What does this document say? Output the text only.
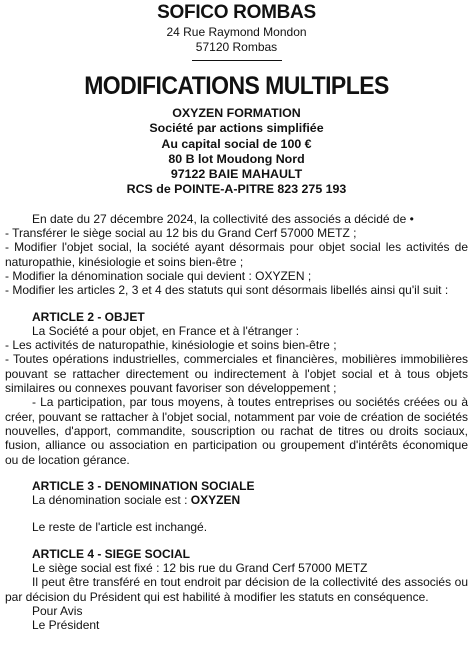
SOFICO ROMBAS
24 Rue Raymond Mondon
57120 Rombas
MODIFICATIONS MULTIPLES
OXYZEN FORMATION
Société par actions simplifiée
Au capital social de 100 €
80 B lot Moudong Nord
97122 BAIE MAHAULT
RCS de POINTE-A-PITRE 823 275 193

En date du 27 décembre 2024, la collectivité des associés a décidé de •

- Transférer le siège social au 12 bis du Grand Cerf 57000 METZ ;

- Modifier l'objet social, la société ayant désormais pour objet social les activités de naturopathie, kinésiologie et soins bien-être ;

- Modifier la dénomination sociale qui devient : OXYZEN ;

- Modifier les articles 2, 3 et 4 des statuts qui sont désormais libellés ainsi qu'il suit :

ARTICLE 2 - OBJET

La Société a pour objet, en France et à l'étranger :

- Les activités de naturopathie, kinésiologie et soins bien-être ;

- Toutes opérations industrielles, commerciales et financières, mobilières immobilières pouvant se rattacher directement ou indirectement à l'objet social et à tous objets similaires ou connexes pouvant favoriser son développement ;

- La participation, par tous moyens, à toutes entreprises ou sociétés créées ou à créer, pouvant se rattacher à l'objet social, notamment par voie de création de sociétés nouvelles, d'apport, commandite, souscription ou rachat de titres ou droits sociaux, fusion, alliance ou association en participation ou groupement d'intérêts économique ou de location gérance.

ARTICLE 3 - DENOMINATION SOCIALE

La dénomination sociale est : OXYZEN

Le reste de l'article est inchangé.

ARTICLE 4 - SIEGE SOCIAL

Le siège social est fixé : 12 bis rue du Grand Cerf 57000 METZ

Il peut être transféré en tout endroit par décision de la collectivité des associés ou par décision du Président qui est habilité à modifier les statuts en conséquence.

Pour Avis

Le Président
